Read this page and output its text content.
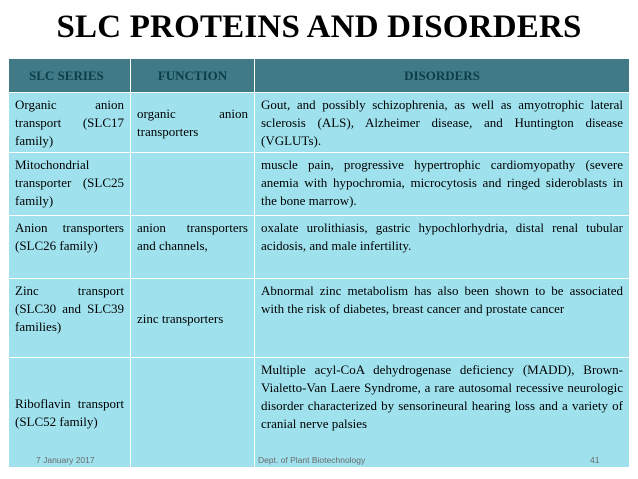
SLC PROTEINS AND DISORDERS
SLC SERIES	FUNCTION	DISORDERS
Organic anion transport (SLC17 family)	organic anion transporters	Gout, and possibly schizophrenia, as well as amyotrophic lateral sclerosis (ALS), Alzheimer disease, and Huntington disease (VGLUTs).
Mitochondrial transporter (SLC25 family)		muscle pain, progressive hypertrophic cardiomyopathy (severe anemia with hypochromia, microcytosis and ringed sideroblasts in the bone marrow).
Anion transporters (SLC26 family)	anion transporters and channels,	oxalate urolithiasis, gastric hypochlorhydria, distal renal tubular acidosis, and male infertility.
Zinc transport (SLC30 and SLC39 families)	zinc transporters	Abnormal zinc metabolism has also been shown to be associated with the risk of diabetes, breast cancer and prostate cancer
Riboflavin transport (SLC52 family)		Multiple acyl-CoA dehydrogenase deficiency (MADD), Brown-Vialetto-Van Laere Syndrome, a rare autosomal recessive neurologic disorder characterized by sensorineural hearing loss and a variety of cranial nerve palsies
7 January 2017	Dept. of Plant Biotechnology	41
